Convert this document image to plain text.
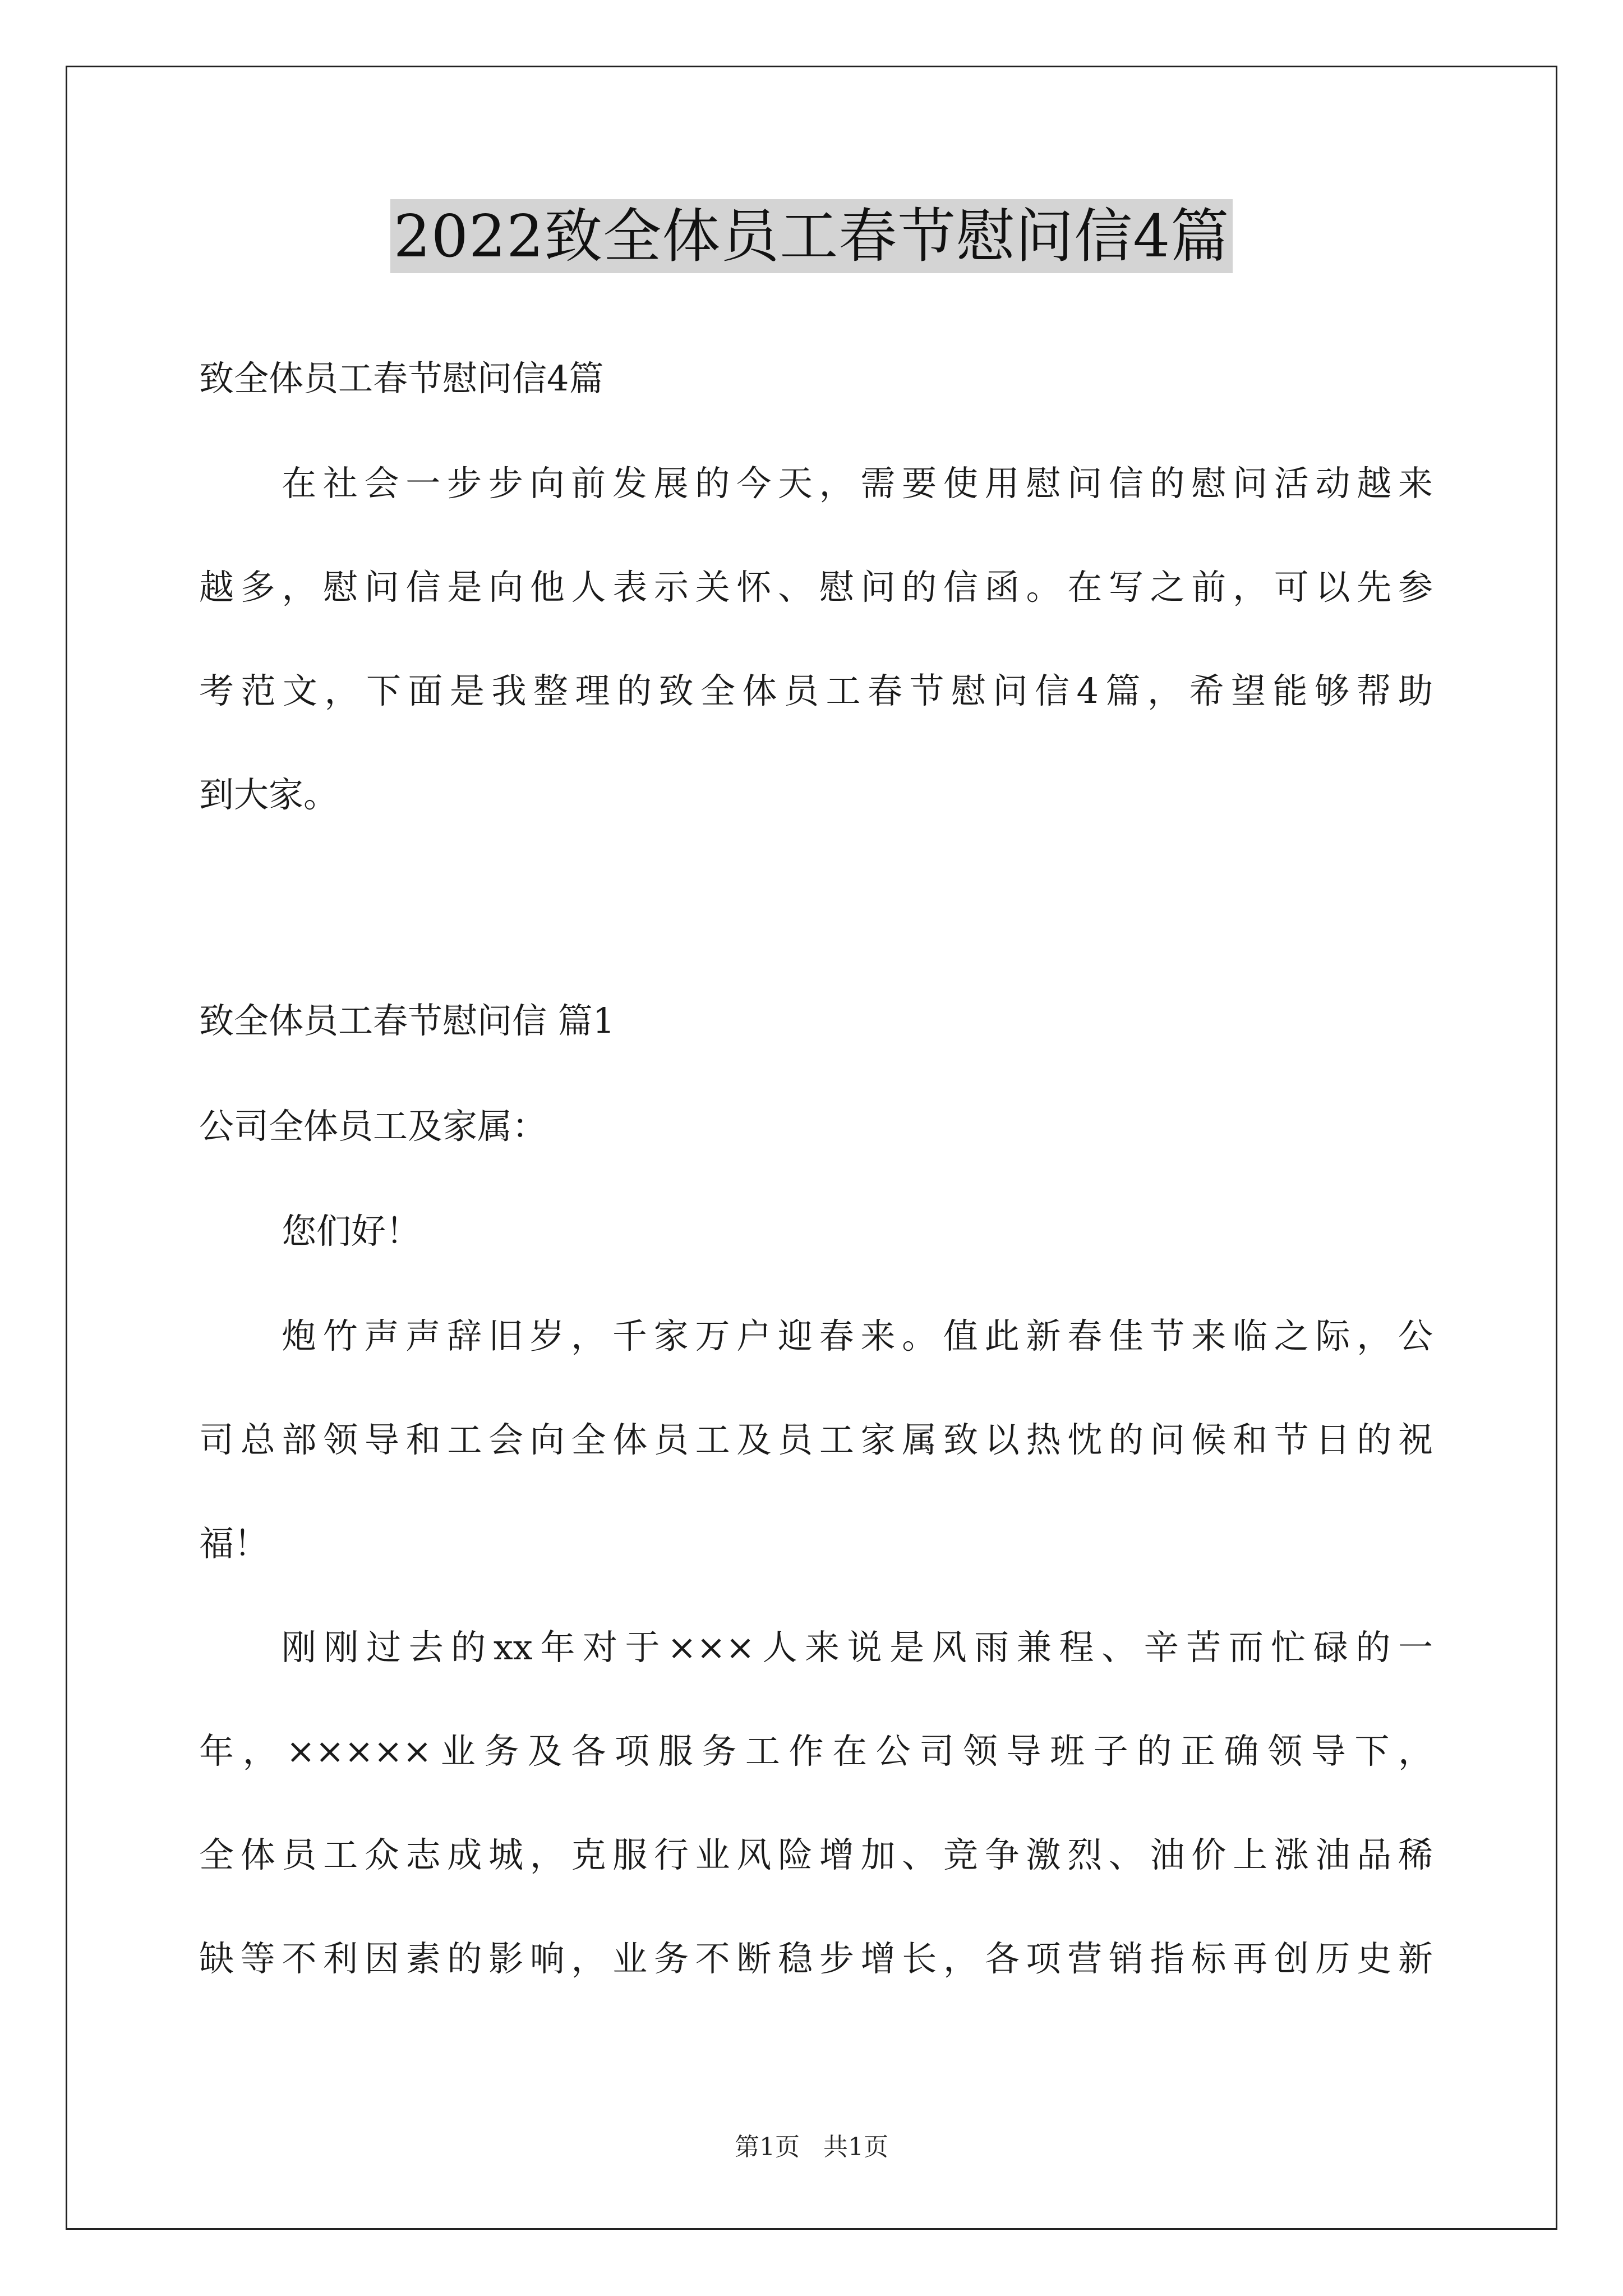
2022致全体员工春节慰问信4篇
致全体员工春节慰问信4篇
在社会一步步向前发展的今天，需要使用慰问信的慰问活动越来
越多，慰问信是向他人表示关怀、慰问的信函。在写之前，可以先参
考范文，下面是我整理的致全体员工春节慰问信4篇，希望能够帮助
到大家。
致全体员工春节慰问信 篇1
公司全体员工及家属：
您们好！
炮竹声声辞旧岁，千家万户迎春来。值此新春佳节来临之际，公
司总部领导和工会向全体员工及员工家属致以热忱的问候和节日的祝
福！
刚刚过去的xx年对于×××人来说是风雨兼程、辛苦而忙碌的一
年，×××××业务及各项服务工作在公司领导班子的正确领导下，
全体员工众志成城，克服行业风险增加、竞争激烈、油价上涨油品稀
缺等不利因素的影响，业务不断稳步增长，各项营销指标再创历史新
第1页 共1页
